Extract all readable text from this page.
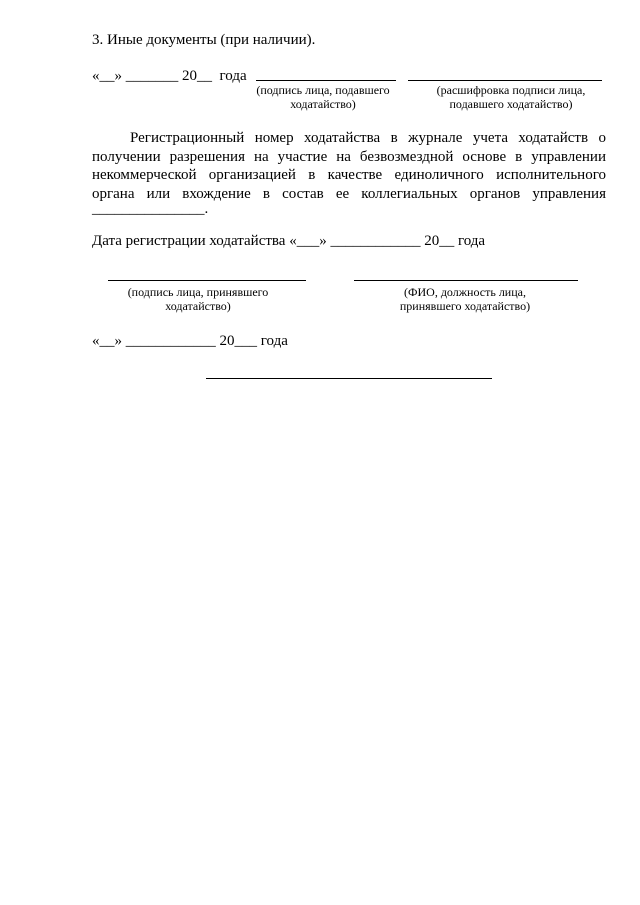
3. Иные документы (при наличии).
«__» _______ 20__ года
(подпись лица, подавшего
ходатайство)
(расшифровка подписи лица,
подавшего ходатайство)
Регистрационный номер ходатайства в журнале учета ходатайств о
получении разрешения на участие на безвозмездной основе в управлении
некоммерческой организацией в качестве единоличного исполнительного
органа или вхождение в состав ее коллегиальных органов управления
_______________.
Дата регистрации ходатайства «___» ____________ 20__ года
(подпись лица, принявшего
ходатайство)
(ФИО, должность лица,
принявшего ходатайство)
«__» ____________ 20___ года
